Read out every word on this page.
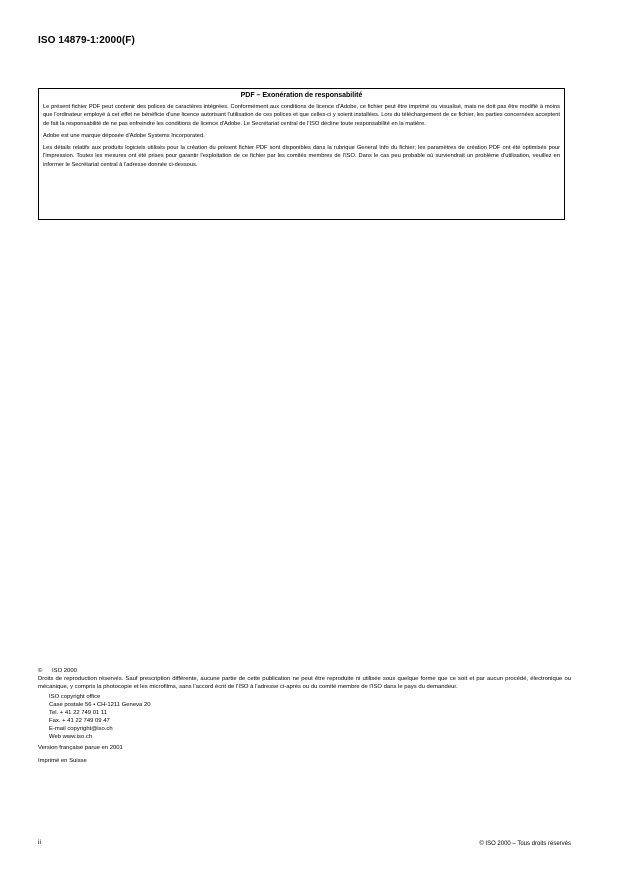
ISO 14879-1:2000(F)
PDF – Exonération de responsabilité

Le présent fichier PDF peut contenir des polices de caractères intégrées. Conformément aux conditions de licence d'Adobe, ce fichier peut être imprimé ou visualisé, mais ne doit pas être modifié à moins que l'ordinateur employé à cet effet ne bénéficie d'une licence autorisant l'utilisation de ces polices et que celles-ci y soient installées. Lors du téléchargement de ce fichier, les parties concernées acceptent de fait la responsabilité de ne pas enfreindre les conditions de licence d'Adobe. Le Secrétariat central de l'ISO décline toute responsabilité en la matière.

Adobe est une marque déposée d'Adobe Systems Incorporated.

Les détails relatifs aux produits logiciels utilisés pour la création du présent fichier PDF sont disponibles dans la rubrique General Info du fichier; les paramètres de création PDF ont été optimisés pour l'impression. Toutes les mesures ont été prises pour garantir l'exploitation de ce fichier par les comités membres de l'ISO. Dans le cas peu probable où surviendrait un problème d'utilisation, veuillez en informer le Secrétariat central à l'adresse donnée ci-dessous.

© ISO 2000
Droits de reproduction réservés. Sauf prescription différente, aucune partie de cette publication ne peut être reproduite ni utilisée sous quelque forme que ce soit et par aucun procédé, électronique ou mécanique, y compris la photocopie et les microfilms, sans l'accord écrit de l'ISO à l'adresse ci-après ou du comité membre de l'ISO dans le pays du demandeur.
ISO copyright office
Case postale 56 • CH-1211 Geneva 20
Tel. + 41 22 749 01 11
Fax. + 41 22 749 09 47
E-mail copyright@iso.ch
Web www.iso.ch
Version française parue en 2001
Imprimé en Suisse
ii	© ISO 2000 – Tous droits réservés
